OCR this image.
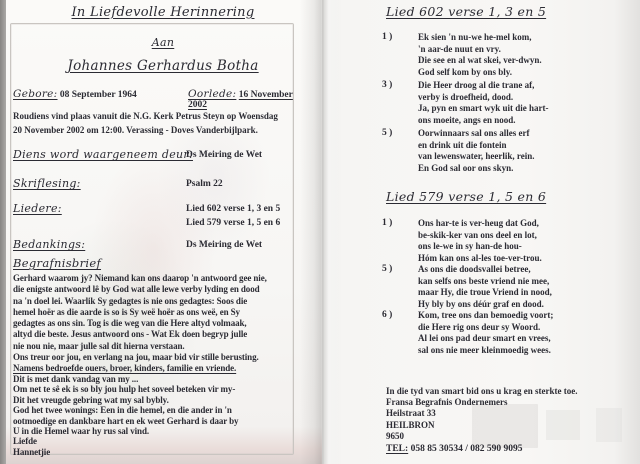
In Liefdevolle Herinnering
Aan
Johannes Gerhardus Botha
Gebore: 08 September 1964	Oorlede: 16 November 2002
Roudiens vind plaas vanuit die N.G. Kerk Petrus Steyn op Woensdag
20 November 2002 om 12:00. Verassing - Doves Vanderbijlpark.
Diens word waargeneem deur:
Ds Meiring de Wet
Skriflesing:	Psalm 22
Liedere:	Lied 602 verse 1, 3 en 5
Lied 579 verse 1, 5 en 6
Bedankings:	Ds Meiring de Wet
Begrafnisbrief
Gerhard waarom jy? Niemand kan ons daarop 'n antwoord gee nie,
die enigste antwoord lê by God wat alle lewe verby lyding en dood
na 'n doel lei. Waarlik Sy gedagtes is nie ons gedagtes: Soos die
hemel hoër as die aarde is so is Sy weë hoër as ons weë, en Sy
gedagtes as ons sin. Tog is die weg van die Here altyd volmaak,
altyd die beste. Jesus antwoord ons - Wat Ek doen begryp julle
nie nou nie, maar julle sal dit hierna verstaan.
Ons treur oor jou, en verlang na jou, maar bid vir stille berusting.
Namens bedroefde ouers, broer, kinders, familie en vriende.
Dit is met dank vandag van my ...
Om net te sê ek is so bly jou hulp het soveel beteken vir my-
Dit het vreugde gebring wat my sal bybly.
God het twee wonings: Een in die hemel, en die ander in 'n
ootmoedige en dankbare hart en ek weet Gerhard is daar by
U in die Hemel waar hy rus sal vind.
Liefde
Hannetjie
Lied 602 verse 1, 3 en 5
1 )	Ek sien 'n nu-we he-mel kom,
'n aar-de nuut en vry.
Die see en al wat skei, ver-dwyn.
God self kom by ons bly.
3 )	Die Heer droog al die trane af,
verby is droefheid, dood.
Ja, pyn en smart wyk uit die hart-
ons moeite, angs en nood.
5 )	Oorwinnaars sal ons alles erf
en drink uit die fontein
van lewenswater, heerlik, rein.
En God sal oor ons skyn.
Lied 579 verse 1, 5 en 6
1 )	Ons har-te is ver-heug dat God,
be-skik-ker van ons deel en lot,
ons le-we in sy han-de hou-
Hóm kan ons al-les toe-ver-trou.
5 )	As ons die doodsvallei betree,
kan selfs ons beste vriend nie mee,
maar Hy, die troue Vriend in nood,
Hy bly by ons déúr graf en dood.
6 )	Kom, tree ons dan bemoedig voort;
die Here rig ons deur sy Woord.
Al lei ons pad deur smart en vrees,
sal ons nie meer kleinmoedig wees.
In die tyd van smart bid ons u krag en sterkte toe.
Fransa Begrafnis Ondernemers
Heilstraat 33
HEILBRON
9650
TEL: 058 85 30534 / 082 590 9095
